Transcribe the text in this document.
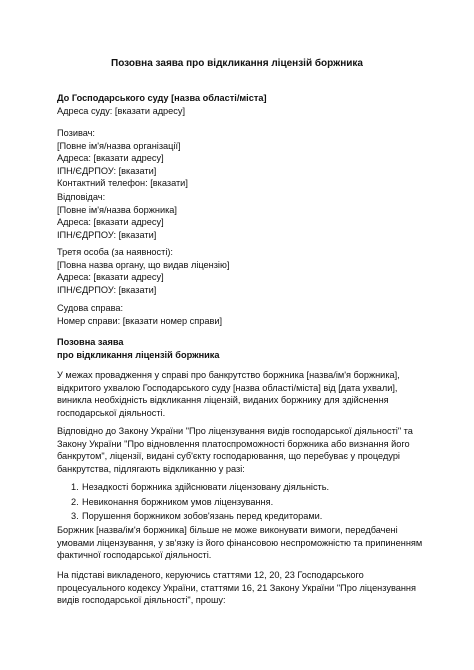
Позовна заява про відкликання ліцензій боржника
До Господарського суду [назва області/міста]
Адреса суду: [вказати адресу]
Позивач:
[Повне ім'я/назва організації]
Адреса: [вказати адресу]
ІПН/ЄДРПОУ: [вказати]
Контактний телефон: [вказати]
Відповідач:
[Повне ім'я/назва боржника]
Адреса: [вказати адресу]
ІПН/ЄДРПОУ: [вказати]
Третя особа (за наявності):
[Повна назва органу, що видав ліцензію]
Адреса: [вказати адресу]
ІПН/ЄДРПОУ: [вказати]
Судова справа:
Номер справи: [вказати номер справи]
Позовна заява
про відкликання ліцензій боржника
У межах провадження у справі про банкрутство боржника [назва/ім'я боржника],
відкритого ухвалою Господарського суду [назва області/міста] від [дата ухвали],
виникла необхідність відкликання ліцензій, виданих боржнику для здійснення
господарської діяльності.
Відповідно до Закону України "Про ліцензування видів господарської діяльності" та
Закону України "Про відновлення платоспроможності боржника або визнання його
банкрутом", ліцензії, видані суб'єкту господарювання, що перебуває у процедурі
банкрутства, підлягають відкликанню у разі:
1. Незадкості боржника здійснювати ліцензовану діяльність.
2. Невиконання боржником умов ліцензування.
3. Порушення боржником зобов'язань перед кредиторами.
Боржник [назва/ім'я боржника] більше не може виконувати вимоги, передбачені
умовами ліцензування, у зв'язку із його фінансовою неспроможністю та припиненням
фактичної господарської діяльності.
На підставі викладеного, керуючись статтями 12, 20, 23 Господарського
процесуального кодексу України, статтями 16, 21 Закону України "Про ліцензування
видів господарської діяльності", прошу:
